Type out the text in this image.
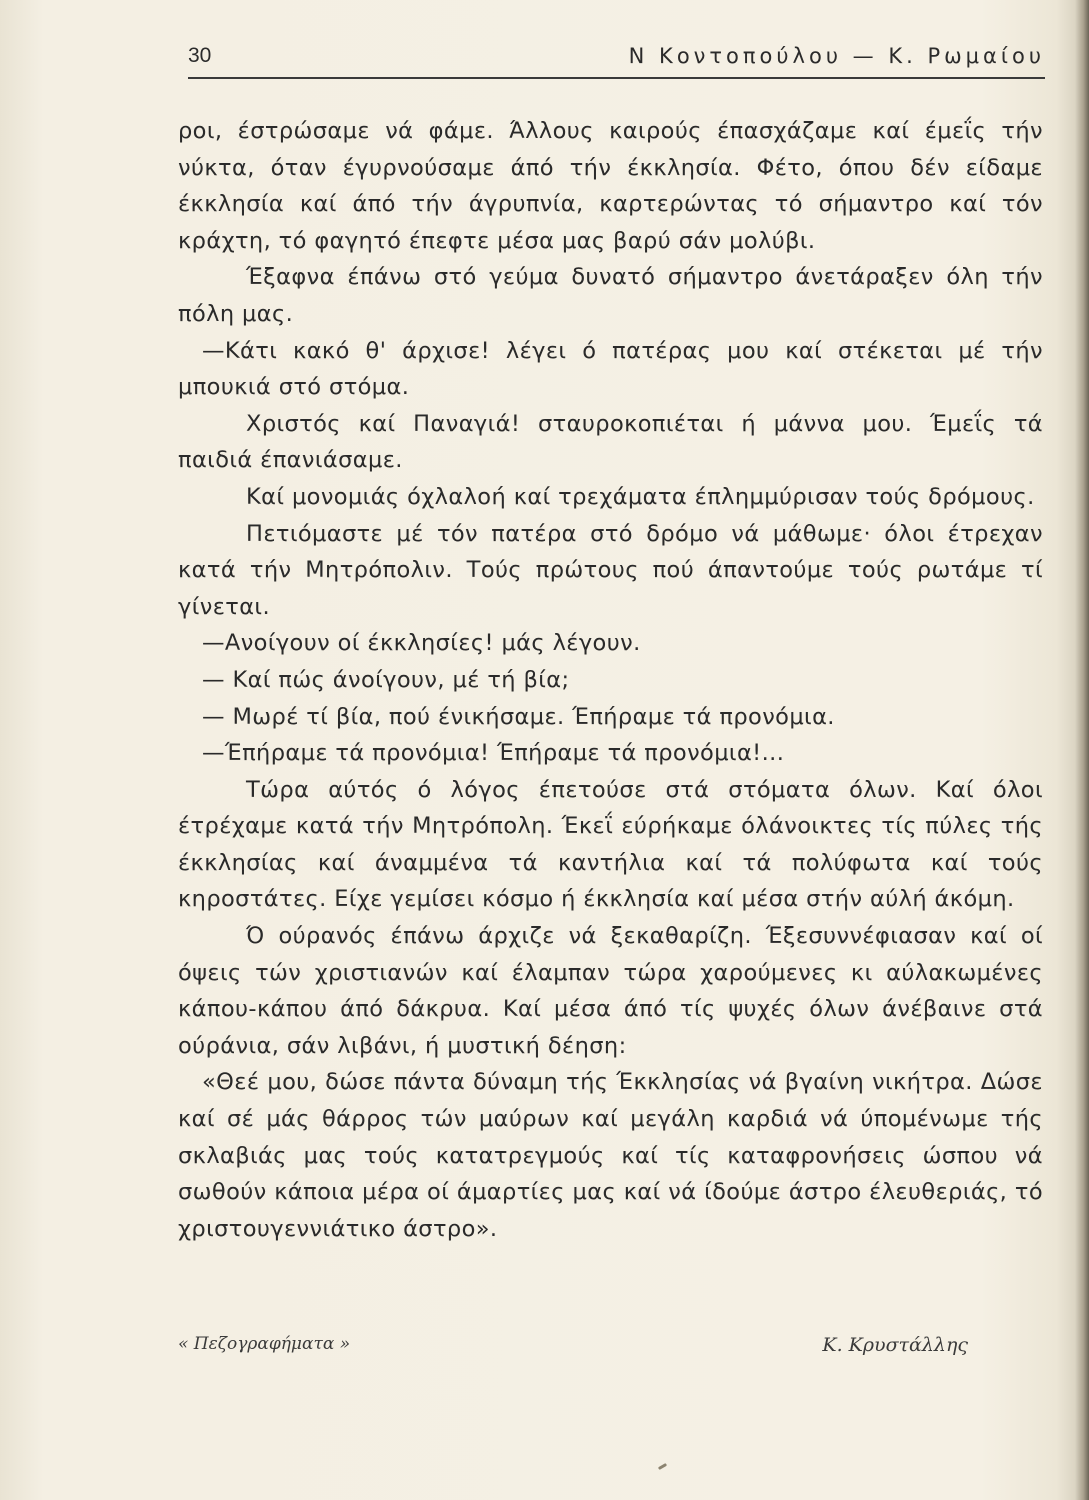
30	Ν Κοντοπούλου — Κ. Ρωμαίου

ροι, έστρώσαμε νά φάμε. Άλλους καιρούς έπασχάζαμε καί έμεΐς τήν νύκτα, όταν έγυρνούσαμε άπό τήν έκκλησία. Φέτο, όπου δέν είδαμε έκκλησία καί άπό τήν άγρυπνία, καρτερώντας τό σήμαντρο καί τόν κράχτη, τό φαγητό έπεφτε μέσα μας βαρύ σάν μολύβι.

Έξαφνα έπάνω στό γεύμα δυνατό σήμαντρο άνετάραξεν όλη τήν πόλη μας.

—Κάτι κακό θ' άρχισε! λέγει ό πατέρας μου καί στέκεται μέ τήν μπουκιά στό στόμα.

Χριστός καί Παναγιά! σταυροκοπιέται ή μάννα μου. Έμεΐς τά παιδιά έπανιάσαμε.

Καί μονομιάς όχλαλοή καί τρεχάματα έπλημμύρισαν τούς δρόμους.

Πετιόμαστε μέ τόν πατέρα στό δρόμο νά μάθωμε· όλοι έτρεχαν κατά τήν Μητρόπολιν. Τούς πρώτους πού άπαντούμε τούς ρωτάμε τί γίνεται.

—Ανοίγουν οί έκκλησίες! μάς λέγουν.

— Καί πώς άνοίγουν, μέ τή βία;

— Μωρέ τί βία, πού ένικήσαμε. Έπήραμε τά προνόμια.

—Έπήραμε τά προνόμια! Έπήραμε τά προνόμια!...

Τώρα αύτός ό λόγος έπετούσε στά στόματα όλων. Καί όλοι έτρέχαμε κατά τήν Μητρόπολη. Έκεΐ εύρήκαμε όλάνοικτες τίς πύλες τής έκκλησίας καί άναμμένα τά καντήλια καί τά πολύφωτα καί τούς κηροστάτες. Είχε γεμίσει κόσμο ή έκκλησία καί μέσα στήν αύλή άκόμη.

Ό ούρανός έπάνω άρχιζε νά ξεκαθαρίζη. Έξεσυννέφιασαν καί οί όψεις τών χριστιανών καί έλαμπαν τώρα χαρούμενες κι αύλακωμένες κάπου-κάπου άπό δάκρυα. Καί μέσα άπό τίς ψυχές όλων άνέβαινε στά ούράνια, σάν λιβάνι, ή μυστική δέηση:

«Θεέ μου, δώσε πάντα δύναμη τής Έκκλησίας νά βγαίνη νικήτρα. Δώσε καί σέ μάς θάρρος τών μαύρων καί μεγάλη καρδιά νά ύπομένωμε τής σκλαβιάς μας τούς κατατρεγμούς καί τίς καταφρονήσεις ώσπου νά σωθούν κάποια μέρα οί άμαρτίες μας καί νά ίδούμε άστρο έλευθεριάς, τό χριστουγεννιάτικο άστρο».

« Πεζογραφήματα »	Κ. Κρυστάλλης
